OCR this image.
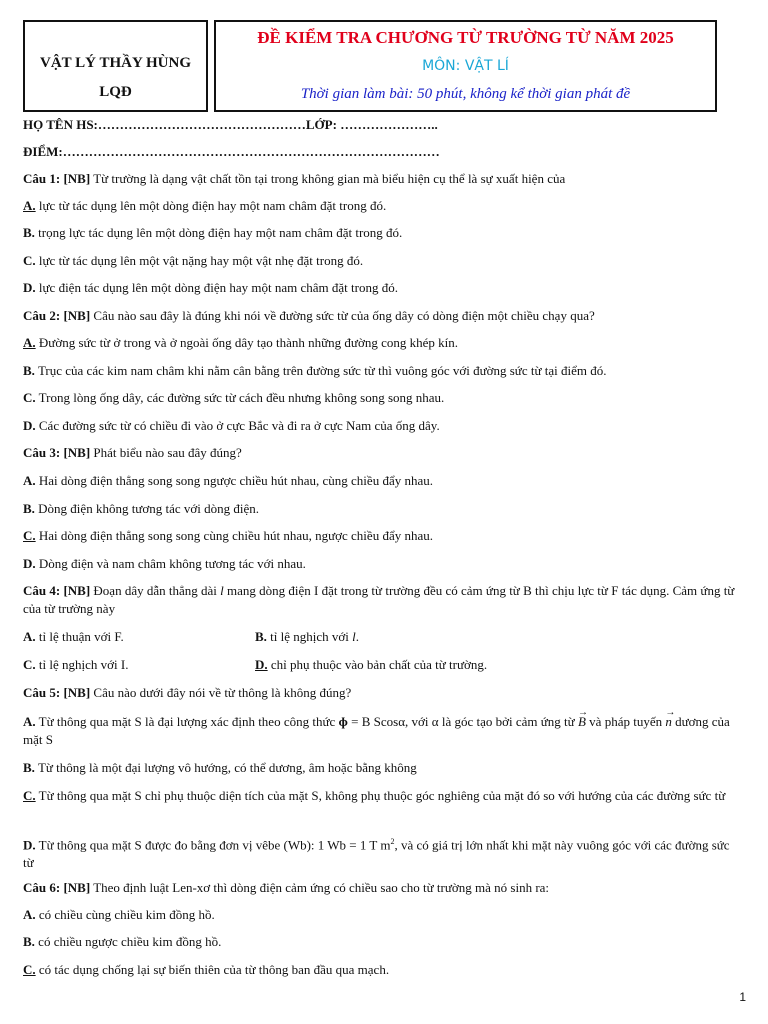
VẬT LÝ THẦY HÙNG
LQĐ
ĐỀ KIỂM TRA CHƯƠNG TỪ TRƯỜNG TỪ NĂM 2025
MÔN: VẬT LÍ
Thời gian làm bài: 50 phút, không kể thời gian phát đề
HỌ TÊN HS:…………………………………………LỚP: …………………..
ĐIỂM:……………………………………………………………………………
Câu 1: [NB] Từ trường là dạng vật chất tồn tại trong không gian mà biểu hiện cụ thể là sự xuất hiện của
A. lực từ tác dụng lên một dòng điện hay một nam châm đặt trong đó.
B. trọng lực tác dụng lên một dòng điện hay một nam châm đặt trong đó.
C. lực từ tác dụng lên một vật nặng hay một vật nhẹ đặt trong đó.
D. lực điện tác dụng lên một dòng điện hay một nam châm đặt trong đó.
Câu 2: [NB] Câu nào sau đây là đúng khi nói về đường sức từ của ống dây có dòng điện một chiều chạy qua?
A. Đường sức từ ở trong và ở ngoài ống dây tạo thành những đường cong khép kín.
B. Trục của các kim nam châm khi nằm cân bằng trên đường sức từ thì vuông góc với đường sức từ tại điểm đó.
C. Trong lòng ống dây, các đường sức từ cách đều nhưng không song song nhau.
D. Các đường sức từ có chiều đi vào ở cực Bắc và đi ra ở cực Nam của ống dây.
Câu 3: [NB] Phát biểu nào sau đây đúng?
A. Hai dòng điện thẳng song song ngược chiều hút nhau, cùng chiều đẩy nhau.
B. Dòng điện không tương tác với dòng điện.
C. Hai dòng điện thẳng song song cùng chiều hút nhau, ngược chiều đẩy nhau.
D. Dòng điện và nam châm không tương tác với nhau.
Câu 4: [NB] Đoạn dây dẫn thẳng dài l mang dòng điện I đặt trong từ trường đều có cảm ứng từ B thì chịu lực từ F tác dụng. Cảm ứng từ của từ trường này
A. tỉ lệ thuận với F.	B. tỉ lệ nghịch với l.
C. tỉ lệ nghịch với I.	D. chỉ phụ thuộc vào bản chất của từ trường.
Câu 5: [NB] Câu nào dưới đây nói về từ thông là không đúng?
A. Từ thông qua mặt S là đại lượng xác định theo công thức ɸ = B Scosα, với α là góc tạo bởi cảm ứng từ → B và pháp tuyến → n dương của mặt S
B. Từ thông là một đại lượng vô hướng, có thể dương, âm hoặc bằng không
C. Từ thông qua mặt S chỉ phụ thuộc diện tích của mặt S, không phụ thuộc góc nghiêng của mặt đó so với hướng của các đường sức từ
D. Từ thông qua mặt S được đo bằng đơn vị vêbe (Wb): 1 Wb = 1 T $m^2$, và có giá trị lớn nhất khi mặt này vuông góc với các đường sức từ
Câu 6: [NB] Theo định luật Len-xơ thì dòng điện cảm ứng có chiều sao cho từ trường mà nó sinh ra:
A. có chiều cùng chiều kim đồng hồ.
B. có chiều ngược chiều kim đồng hồ.
C. có tác dụng chống lại sự biến thiên của từ thông ban đầu qua mạch.
1
